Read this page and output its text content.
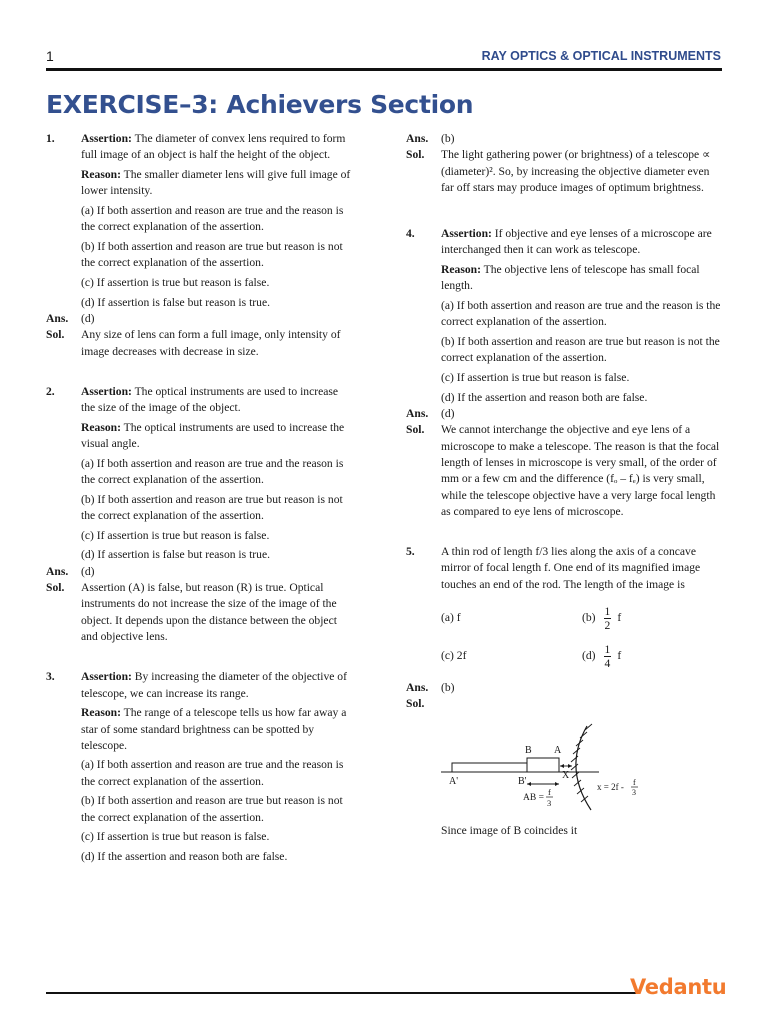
1	RAY OPTICS & OPTICAL INSTRUMENTS
EXERCISE–3: Achievers Section
1. Assertion: The diameter of convex lens required to form full image of an object is half the height of the object.

Reason: The smaller diameter lens will give full image of lower intensity.

(a) If both assertion and reason are true and the reason is the correct explanation of the assertion.

(b) If both assertion and reason are true but reason is not the correct explanation of the assertion.

(c) If assertion is true but reason is false.

(d) If assertion is false but reason is true.

Ans. (d)

Sol. Any size of lens can form a full image, only intensity of image decreases with decrease in size.

2. Assertion: The optical instruments are used to increase the size of the image of the object.

Reason: The optical instruments are used to increase the visual angle.

(a) If both assertion and reason are true and the reason is the correct explanation of the assertion.

(b) If both assertion and reason are true but reason is not the correct explanation of the assertion.

(c) If assertion is true but reason is false.

(d) If assertion is false but reason is true.

Ans. (d)

Sol. Assertion (A) is false, but reason (R) is true. Optical instruments do not increase the size of the image of the object. It depends upon the distance between the object and objective lens.

3. Assertion: By increasing the diameter of the objective of telescope, we can increase its range.

Reason: The range of a telescope tells us how far away a star of some standard brightness can be spotted by telescope.

(a) If both assertion and reason are true and the reason is the correct explanation of the assertion.

(b) If both assertion and reason are true but reason is not the correct explanation of the assertion.

(c) If assertion is true but reason is false.

(d) If the assertion and reason both are false.

Ans. (b)

Sol. The light gathering power (or brightness) of a telescope ∝ (diameter)². So, by increasing the objective diameter even far off stars may produce images of optimum brightness.

4. Assertion: If objective and eye lenses of a microscope are interchanged then it can work as telescope.

Reason: The objective lens of telescope has small focal length.

(a) If both assertion and reason are true and the reason is the correct explanation of the assertion.

(b) If both assertion and reason are true but reason is not the correct explanation of the assertion.

(c) If assertion is true but reason is false.

(d) If the assertion and reason both are false.

Ans. (d)

Sol. We cannot interchange the objective and eye lens of a microscope to make a telescope. The reason is that the focal length of lenses in microscope is very small, of the order of mm or a few cm and the difference (fₒ – fₑ) is very small, while the telescope objective have a very large focal length as compared to eye lens of microscope.

5. A thin rod of length f/3 lies along the axis of a concave mirror of focal length f. One end of its magnified image touches an end of the rod. The length of the image is

(a) f	$(b) \frac{1}{2}$ f
(c) 2f	$(d) \frac{1}{4}$ f
Ans. (b)

Sol.

B A
A'	B'
X
AB =
f
3
x = 2f - f
3

Since image of B coincides it

Vedantu
